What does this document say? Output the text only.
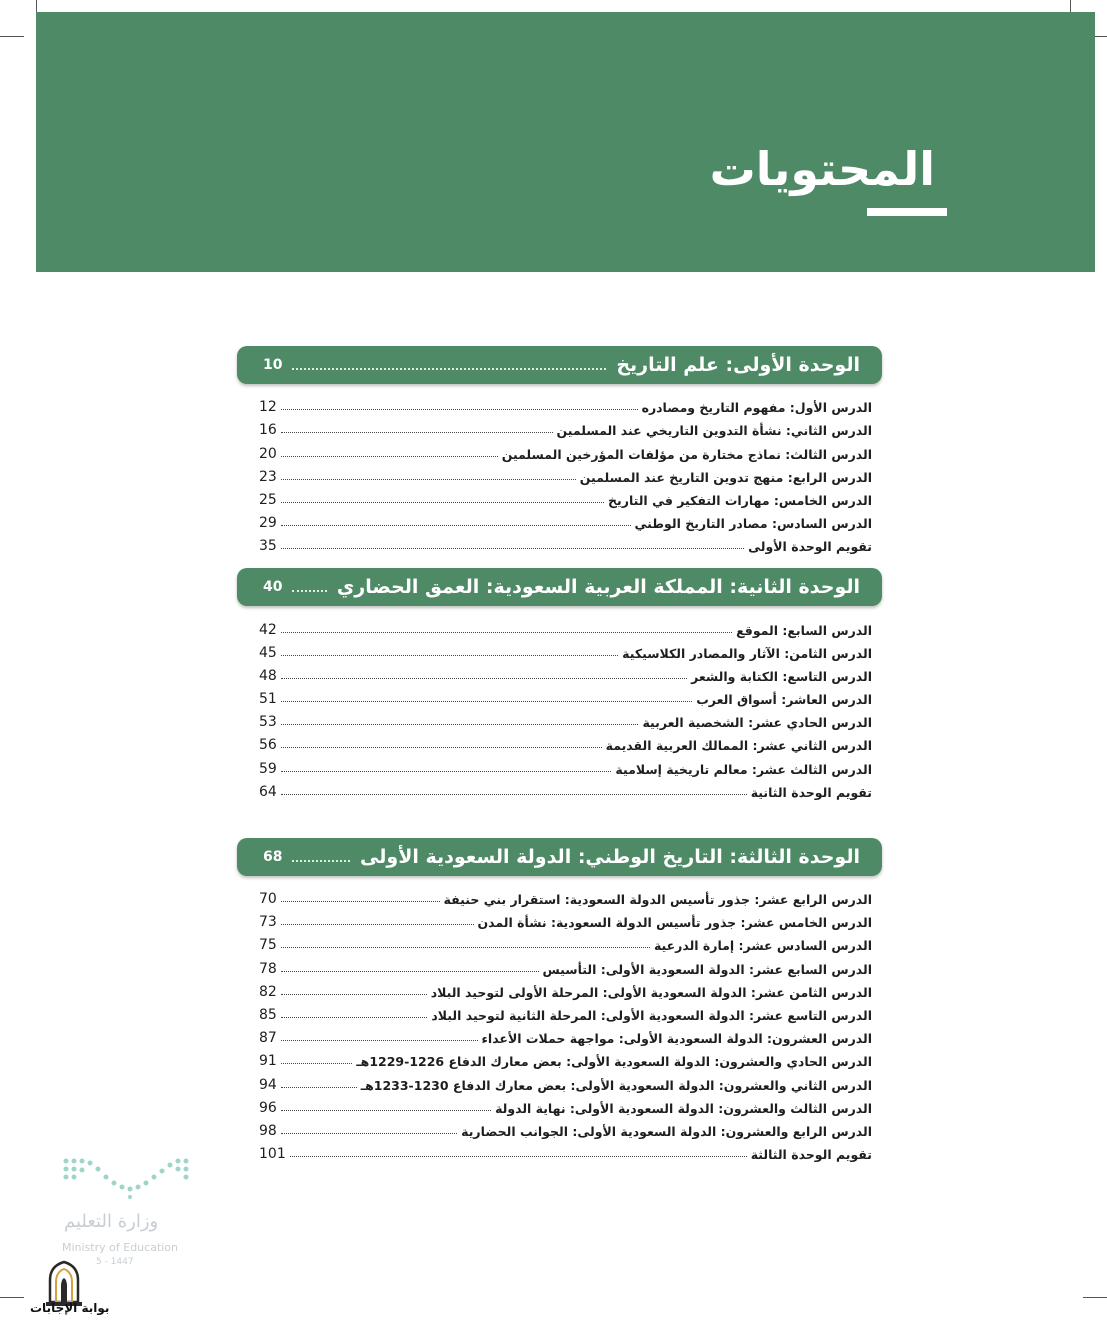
المحتويات
الوحدة الأولى: علم التاريخ
10
الدرس الأول: مفهوم التاريخ ومصادره
12
الدرس الثاني: نشأة التدوين التاريخي عند المسلمين
16
الدرس الثالث: نماذج مختارة من مؤلفات المؤرخين المسلمين
20
الدرس الرابع: منهج تدوين التاريخ عند المسلمين
23
الدرس الخامس: مهارات التفكير في التاريخ
25
الدرس السادس: مصادر التاريخ الوطني
29
تقويم الوحدة الأولى
35
الوحدة الثانية: المملكة العربية السعودية: العمق الحضاري
40
الدرس السابع: الموقع
42
الدرس الثامن: الآثار والمصادر الكلاسيكية
45
الدرس التاسع: الكتابة والشعر
48
الدرس العاشر: أسواق العرب
51
الدرس الحادي عشر: الشخصية العربية
53
الدرس الثاني عشر: الممالك العربية القديمة
56
الدرس الثالث عشر: معالم تاريخية إسلامية
59
تقويم الوحدة الثانية
64
الوحدة الثالثة: التاريخ الوطني: الدولة السعودية الأولى
68
الدرس الرابع عشر: جذور تأسيس الدولة السعودية: استقرار بني حنيفة
70
الدرس الخامس عشر: جذور تأسيس الدولة السعودية: نشأة المدن
73
الدرس السادس عشر: إمارة الدرعية
75
الدرس السابع عشر: الدولة السعودية الأولى: التأسيس
78
الدرس الثامن عشر: الدولة السعودية الأولى: المرحلة الأولى لتوحيد البلاد
82
الدرس التاسع عشر: الدولة السعودية الأولى: المرحلة الثانية لتوحيد البلاد
85
الدرس العشرون: الدولة السعودية الأولى: مواجهة حملات الأعداء
87
الدرس الحادي والعشرون: الدولة السعودية الأولى: بعض معارك الدفاع 1226-1229هـ
91
الدرس الثاني والعشرون: الدولة السعودية الأولى: بعض معارك الدفاع 1230-1233هـ
94
الدرس الثالث والعشرون: الدولة السعودية الأولى: نهاية الدولة
96
الدرس الرابع والعشرون: الدولة السعودية الأولى: الجوانب الحضارية
98
تقويم الوحدة الثالثة
101
وزارة التعليم
Ministry of Education
5 - 1447
بوابة الإجابات
